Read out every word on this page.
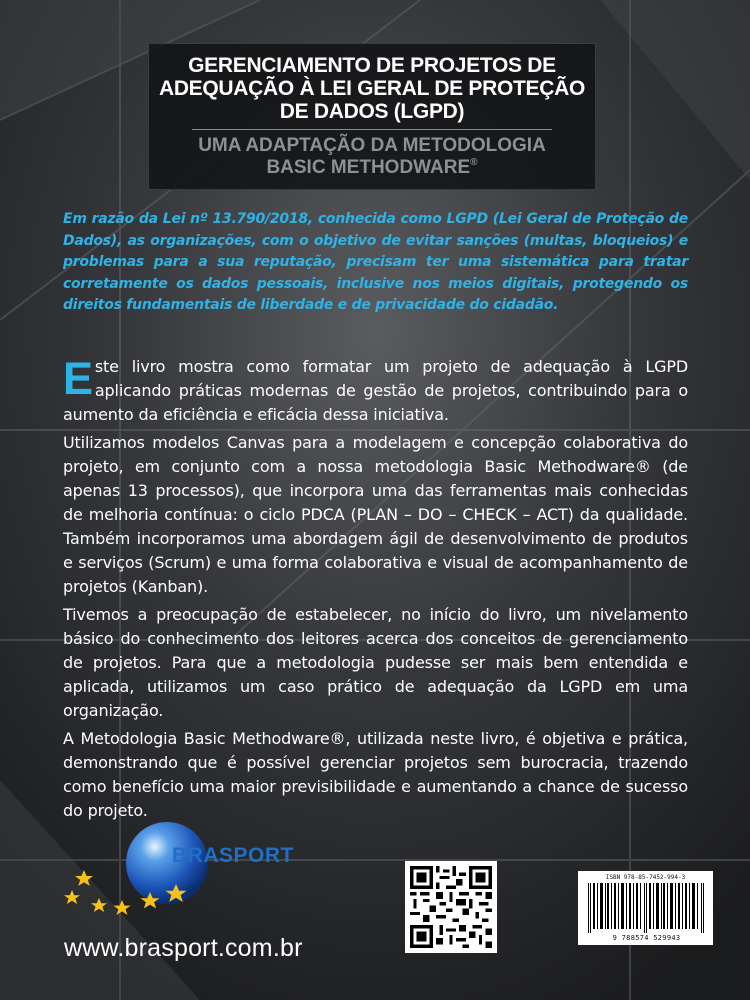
GERENCIAMENTO DE PROJETOS DE
ADEQUAÇÃO À LEI GERAL DE PROTEÇÃO
DE DADOS (LGPD)
UMA ADAPTAÇÃO DA METODOLOGIA
BASIC METHODWARE®
Em razão da Lei nº 13.790/2018, conhecida como LGPD (Lei Geral de Proteção de Dados), as organizações, com o objetivo de evitar sanções (multas, bloqueios) e problemas para a sua reputação, precisam ter uma sistemática para tratar corretamente os dados pessoais, inclusive nos meios digitais, protegendo os direitos fundamentais de liberdade e de privacidade do cidadão.

Este livro mostra como formatar um projeto de adequação à LGPD aplicando práticas modernas de gestão de projetos, contribuindo para o aumento da eficiência e eficácia dessa iniciativa.

Utilizamos modelos Canvas para a modelagem e concepção colaborativa do projeto, em conjunto com a nossa metodologia Basic Methodware® (de apenas 13 processos), que incorpora uma das ferramentas mais conhecidas de melhoria contínua: o ciclo PDCA (PLAN – DO – CHECK – ACT) da qualidade. Também incorporamos uma abordagem ágil de desenvolvimento de produtos e serviços (Scrum) e uma forma colaborativa e visual de acompanhamento de projetos (Kanban).

Tivemos a preocupação de estabelecer, no início do livro, um nivelamento básico do conhecimento dos leitores acerca dos conceitos de gerenciamento de projetos. Para que a metodologia pudesse ser mais bem entendida e aplicada, utilizamos um caso prático de adequação da LGPD em uma organização.

A Metodologia Basic Methodware®, utilizada neste livro, é objetiva e prática, demonstrando que é possível gerenciar projetos sem burocracia, trazendo como benefício uma maior previsibilidade e aumentando a chance de sucesso do projeto.

BRASPORT
www.brasport.com.br
ISBN 978-85-7452-994-3
9 788574 529943
